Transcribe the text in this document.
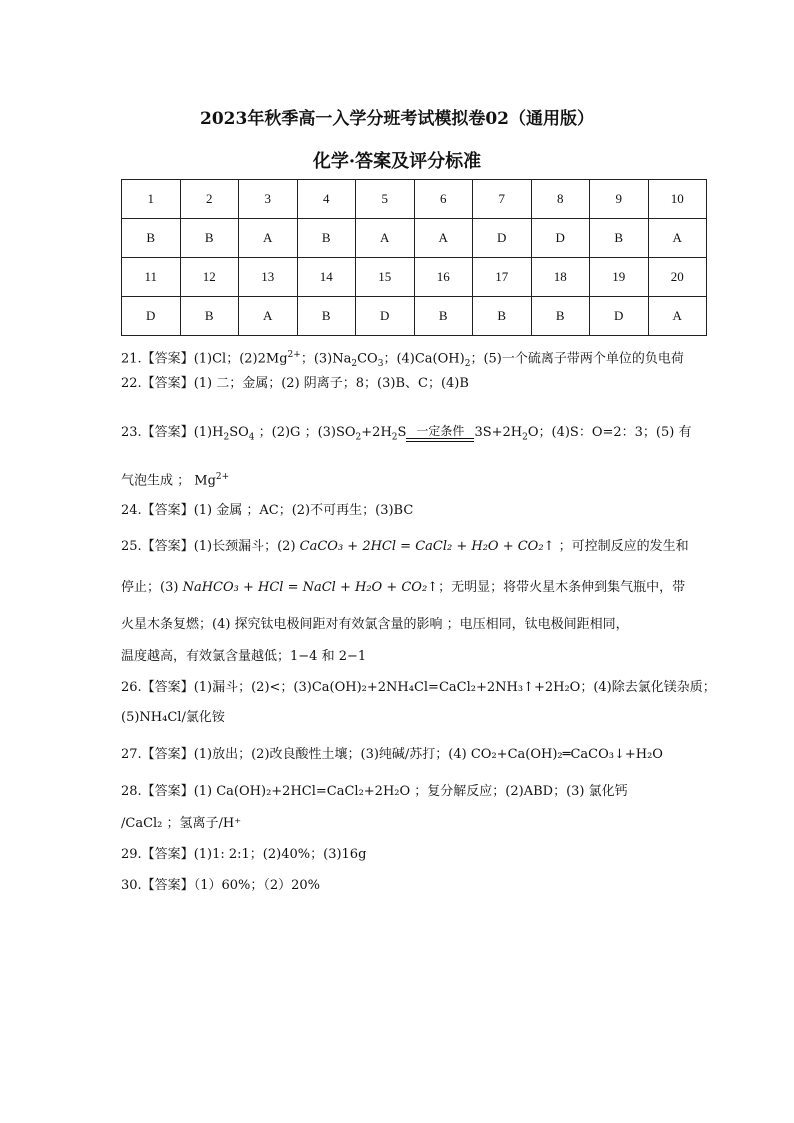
2023年秋季高一入学分班考试模拟卷02（通用版）
化学·答案及评分标准
1	2	3	4	5	6	7	8	9	10
B	B	A	B	A	A	D	D	B	A
11	12	13	14	15	16	17	18	19	20
D	B	A	B	D	B	B	B	D	A
21.【答案】(1)Cl；$(2)2Mg^{2+}$；$(3)Na_2CO_3$；$(4)Ca(OH)_2$；(5)一个硫离子带两个单位的负电荷
22.【答案】(1) 二；金属；(2) 阴离子；8；(3)B、C；(4)B
23.【答案】$(1)H_2SO_4$ ；(2)G ；$(3)SO_2+2H_2S$ 一定条件 $3S+2H_2O$；(4)S：O=2：3；(5) 有
气泡生成 ； $Mg^{2+}$
24.【答案】(1) 金属 ；AC；(2)不可再生；(3)BC
25.【答案】(1)长颈漏斗；(2) CaCO₃ + 2HCl = CaCl₂ + H₂O + CO₂↑ ；可控制反应的发生和
停止；(3) NaHCO₃ + HCl = NaCl + H₂O + CO₂↑；无明显；将带火星木条伸到集气瓶中，带
火星木条复燃；(4) 探究钛电极间距对有效氯含量的影响 ；电压相同，钛电极间距相同，
温度越高，有效氯含量越低；1−4 和 2−1
26.【答案】(1)漏斗；(2)<；(3)Ca(OH)₂+2NH₄Cl=CaCl₂+2NH₃↑+2H₂O；(4)除去氯化镁杂质；
(5)NH₄Cl/氯化铵
27.【答案】(1)放出；(2)改良酸性土壤；(3)纯碱/苏打；(4) CO₂+Ca(OH)₂═CaCO₃↓+H₂O
28.【答案】(1) Ca(OH)₂+2HCl=CaCl₂+2H₂O ；复分解反应；(2)ABD；(3) 氯化钙
/CaCl₂ ；氢离子/H⁺
29.【答案】(1)1: 2:1；(2)40%；(3)16g
30.【答案】（1）60%；（2）20%
